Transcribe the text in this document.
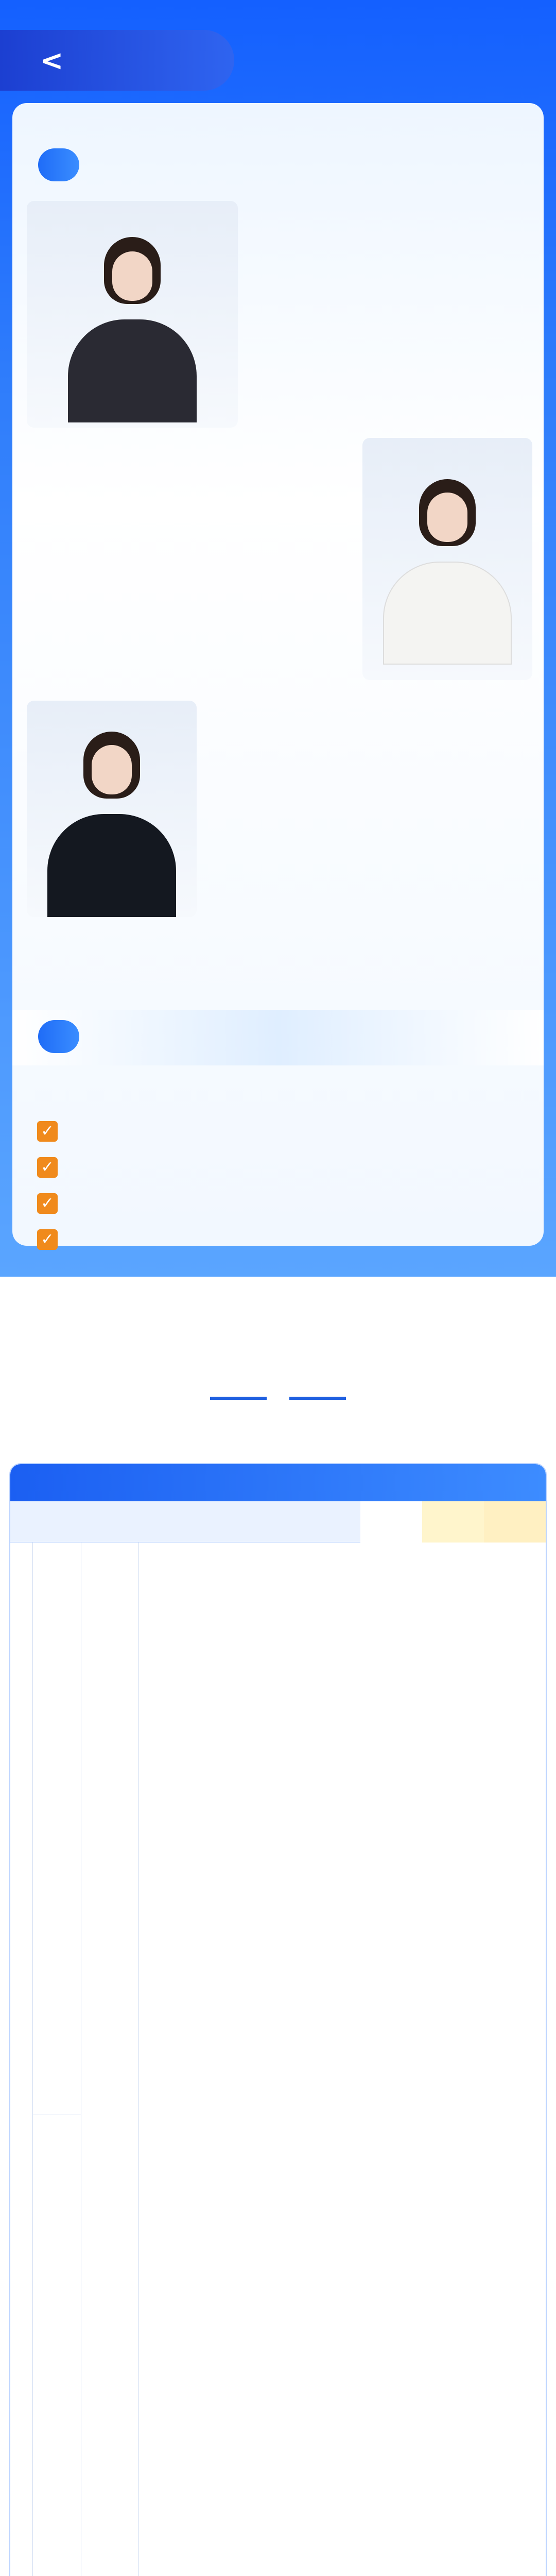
<
✓
✓
✓
✓
